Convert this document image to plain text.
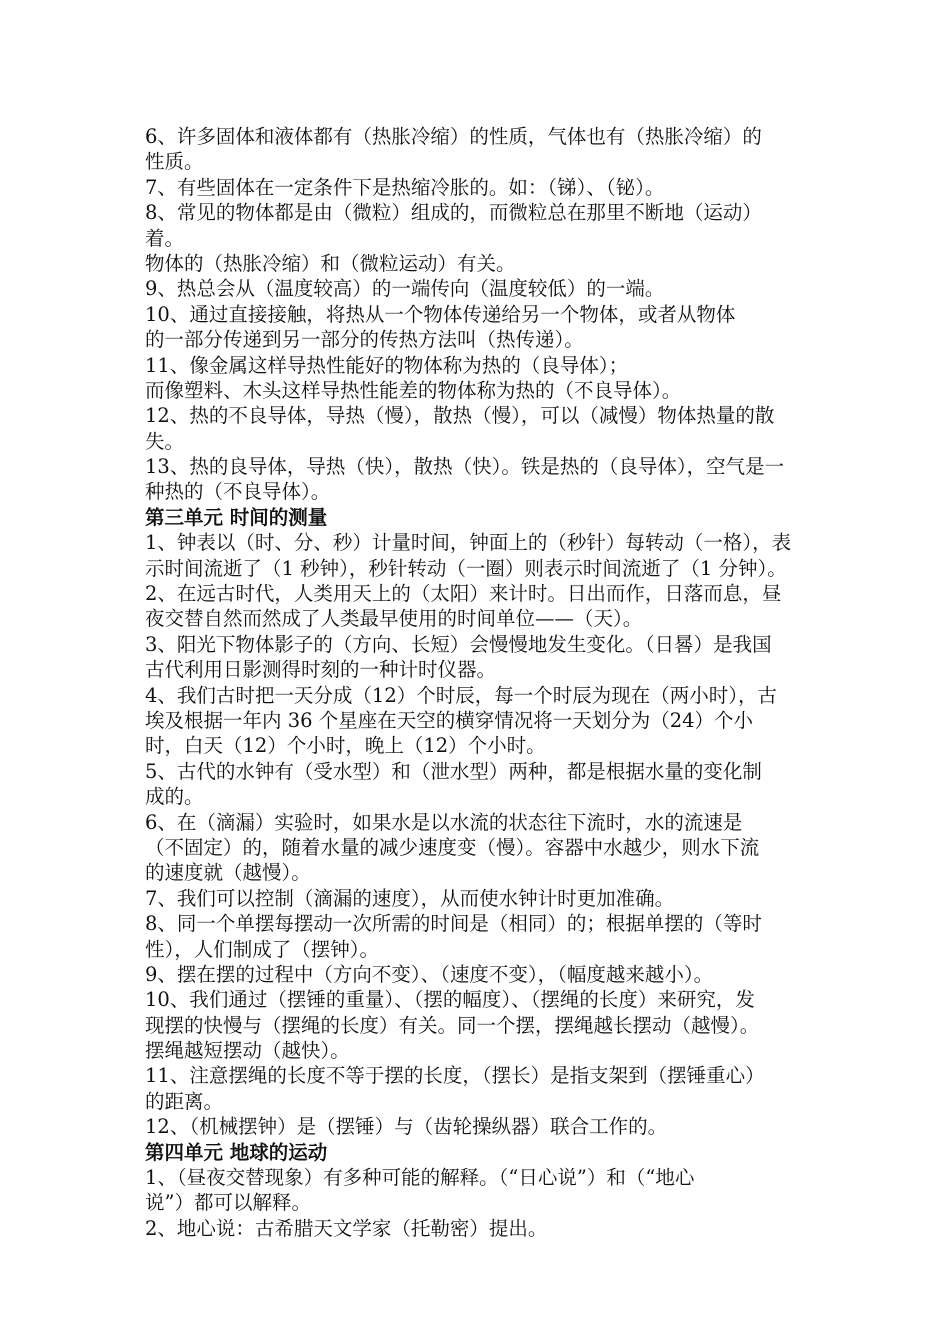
6、许多固体和液体都有（热胀冷缩）的性质，气体也有（热胀冷缩）的
性质。
7、有些固体在一定条件下是热缩冷胀的。如：（锑）、（铋）。
8、常见的物体都是由（微粒）组成的，而微粒总在那里不断地（运动）
着。
物体的（热胀冷缩）和（微粒运动）有关。
9、热总会从（温度较高）的一端传向（温度较低）的一端。
10、通过直接接触，将热从一个物体传递给另一个物体，或者从物体
的一部分传递到另一部分的传热方法叫（热传递）。
11、像金属这样导热性能好的物体称为热的（良导体）；
而像塑料、木头这样导热性能差的物体称为热的（不良导体）。
12、热的不良导体，导热（慢），散热（慢），可以（减慢）物体热量的散
失。
13、热的良导体，导热（快），散热（快）。铁是热的（良导体），空气是一
种热的（不良导体）。
第三单元 时间的测量
1、钟表以（时、分、秒）计量时间，钟面上的（秒针）每转动（一格），表
示时间流逝了（1 秒钟），秒针转动（一圈）则表示时间流逝了（1 分钟）。
2、在远古时代，人类用天上的（太阳）来计时。日出而作，日落而息，昼
夜交替自然而然成了人类最早使用的时间单位——（天）。
3、阳光下物体影子的（方向、长短）会慢慢地发生变化。（日晷）是我国
古代利用日影测得时刻的一种计时仪器。
4、我们古时把一天分成（12）个时辰，每一个时辰为现在（两小时），古
埃及根据一年内 36 个星座在天空的横穿情况将一天划分为（24）个小
时，白天（12）个小时，晚上（12）个小时。
5、古代的水钟有（受水型）和（泄水型）两种，都是根据水量的变化制
成的。
6、在（滴漏）实验时，如果水是以水流的状态往下流时，水的流速是
（不固定）的，随着水量的减少速度变（慢）。容器中水越少，则水下流
的速度就（越慢）。
7、我们可以控制（滴漏的速度），从而使水钟计时更加准确。
8、同一个单摆每摆动一次所需的时间是（相同）的；根据单摆的（等时
性），人们制成了（摆钟）。
9、摆在摆的过程中（方向不变）、（速度不变），（幅度越来越小）。
10、我们通过（摆锤的重量）、（摆的幅度）、（摆绳的长度）来研究，发
现摆的快慢与（摆绳的长度）有关。同一个摆，摆绳越长摆动（越慢）。
摆绳越短摆动（越快）。
11、注意摆绳的长度不等于摆的长度，（摆长）是指支架到（摆锤重心）
的距离。
12、（机械摆钟）是（摆锤）与（齿轮操纵器）联合工作的。
第四单元 地球的运动
1、（昼夜交替现象）有多种可能的解释。（“日心说”）和（“地心
说”）都可以解释。
2、地心说：古希腊天文学家（托勒密）提出。
